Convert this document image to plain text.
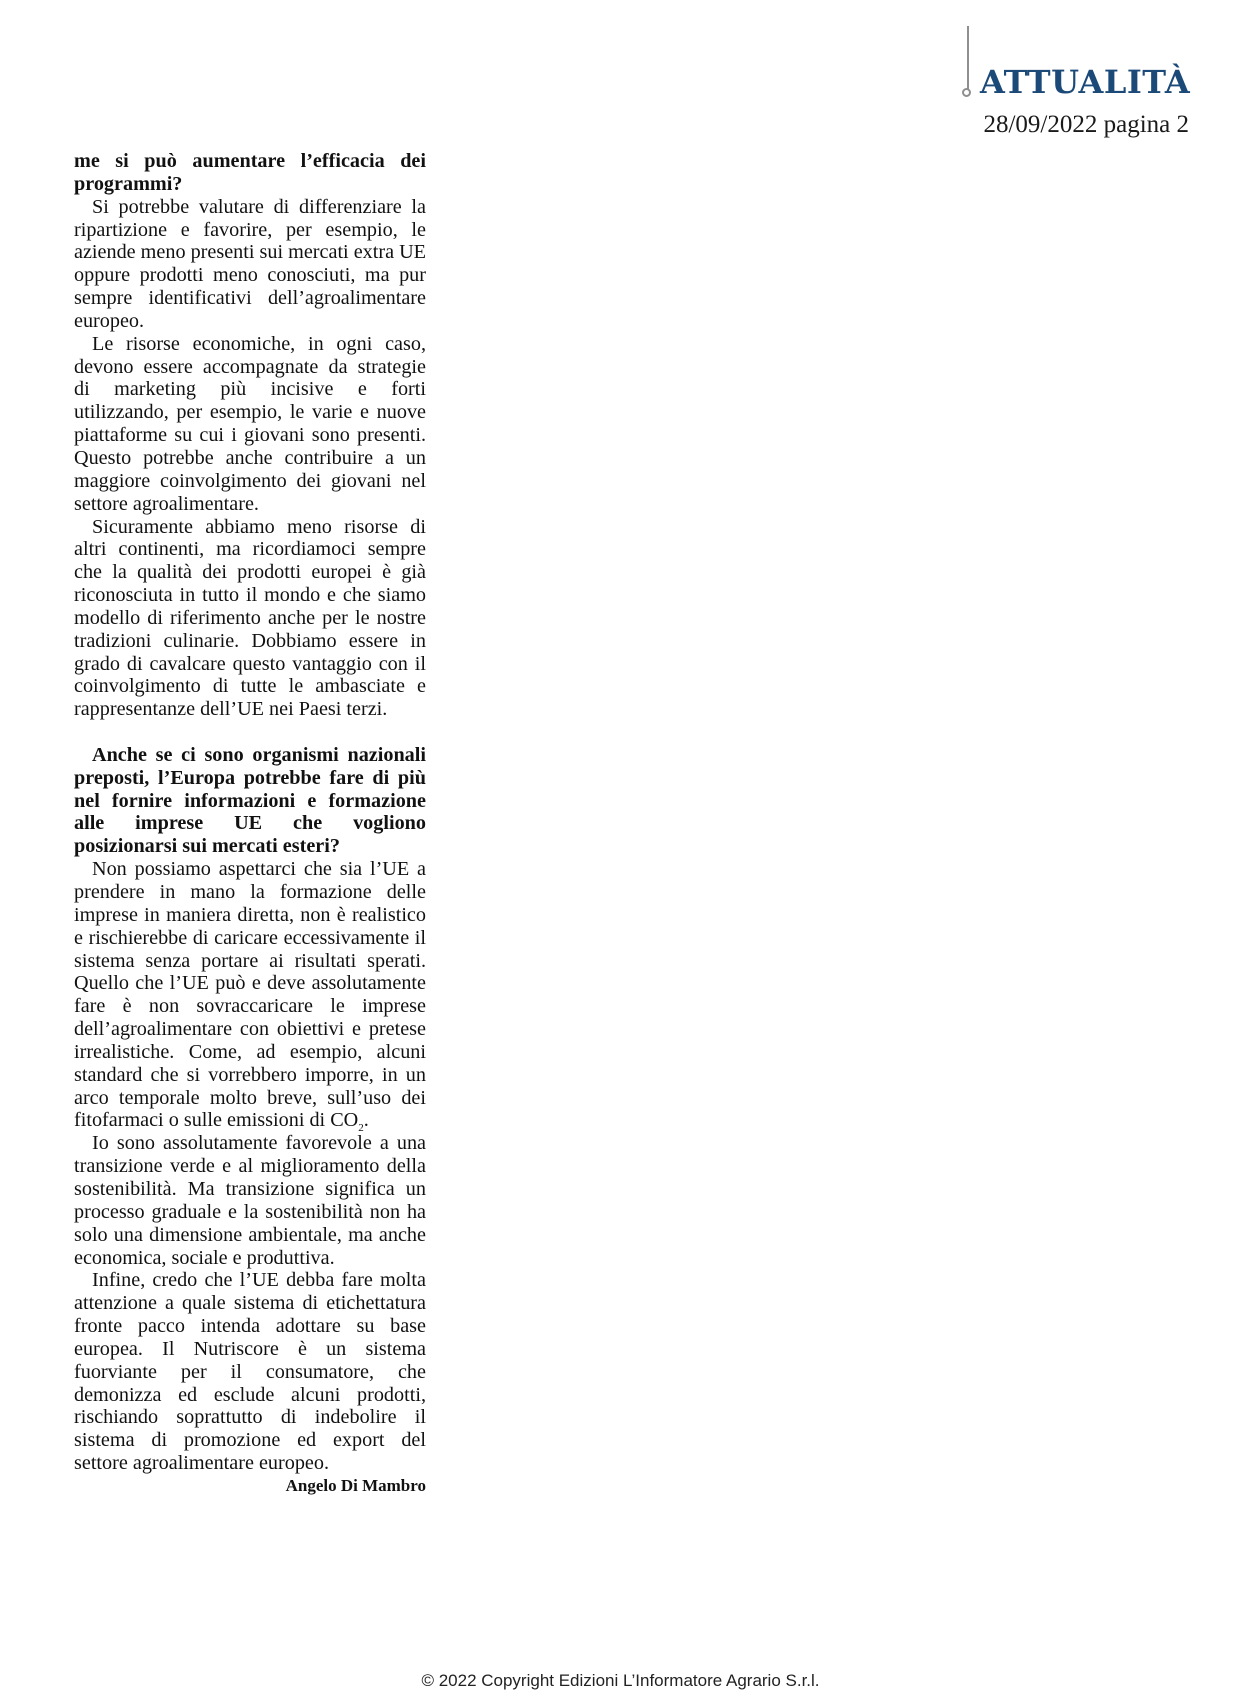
ATTUALITÀ
28/09/2022 pagina 2

me si può aumentare l’efficacia dei programmi?

Si potrebbe valutare di differenziare la ripartizione e favorire, per esempio, le aziende meno presenti sui mercati extra UE oppure prodotti meno conosciuti, ma pur sempre identificativi dell’agroalimentare europeo.

Le risorse economiche, in ogni caso, devono essere accompagnate da strategie di marketing più incisive e forti utilizzando, per esempio, le varie e nuove piattaforme su cui i giovani sono presenti. Questo potrebbe anche contribuire a un maggiore coinvolgimento dei giovani nel settore agroalimentare.

Sicuramente abbiamo meno risorse di altri continenti, ma ricordiamoci sempre che la qualità dei prodotti europei è già riconosciuta in tutto il mondo e che siamo modello di riferimento anche per le nostre tradizioni culinarie. Dobbiamo essere in grado di cavalcare questo vantaggio con il coinvolgimento di tutte le ambasciate e rappresentanze dell’UE nei Paesi terzi.

Anche se ci sono organismi nazionali preposti, l’Europa potrebbe fare di più nel fornire informazioni e formazione alle imprese UE che vogliono posizionarsi sui mercati esteri?

Non possiamo aspettarci che sia l’UE a prendere in mano la formazione delle imprese in maniera diretta, non è realistico e rischierebbe di caricare eccessivamente il sistema senza portare ai risultati sperati. Quello che l’UE può e deve assolutamente fare è non sovraccaricare le imprese dell’agroalimentare con obiettivi e pretese irrealistiche. Come, ad esempio, alcuni standard che si vorrebbero imporre, in un arco temporale molto breve, sull’uso dei fitofarmaci o sulle emissioni di $CO_2$.

Io sono assolutamente favorevole a una transizione verde e al miglioramento della sostenibilità. Ma transizione significa un processo graduale e la sostenibilità non ha solo una dimensione ambientale, ma anche economica, sociale e produttiva.

Infine, credo che l’UE debba fare molta attenzione a quale sistema di etichettatura fronte pacco intenda adottare su base europea. Il Nutriscore è un sistema fuorviante per il consumatore, che demonizza ed esclude alcuni prodotti, rischiando soprattutto di indebolire il sistema di promozione ed export del settore agroalimentare europeo.

Angelo Di Mambro

© 2022 Copyright Edizioni L’Informatore Agrario S.r.l.
